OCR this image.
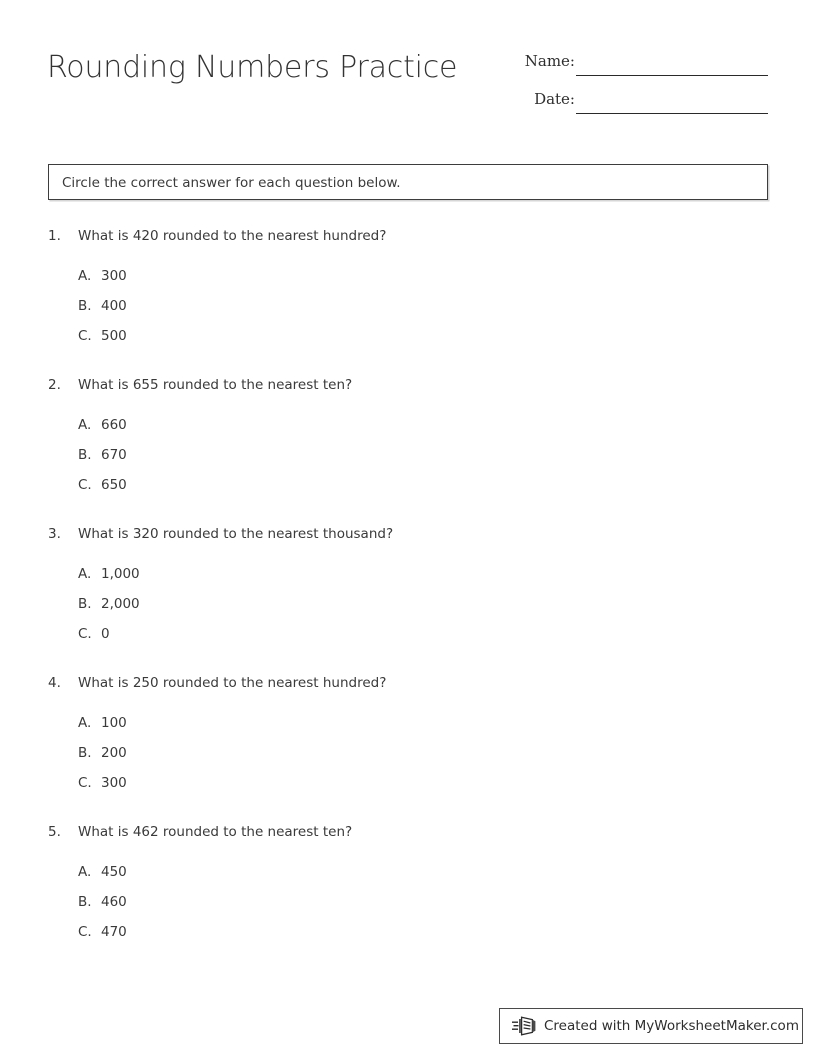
Rounding Numbers Practice	Name:
Date:
Circle the correct answer for each question below.
1.	What is 420 rounded to the nearest hundred?
A. 300
B. 400
C. 500
2.	What is 655 rounded to the nearest ten?
A. 660
B. 670
C. 650
3.	What is 320 rounded to the nearest thousand?
A. 1,000
B. 2,000
C. 0
4.	What is 250 rounded to the nearest hundred?
A. 100
B. 200
C. 300
5.	What is 462 rounded to the nearest ten?
A. 450
B. 460
C. 470
Created with MyWorksheetMaker.com
